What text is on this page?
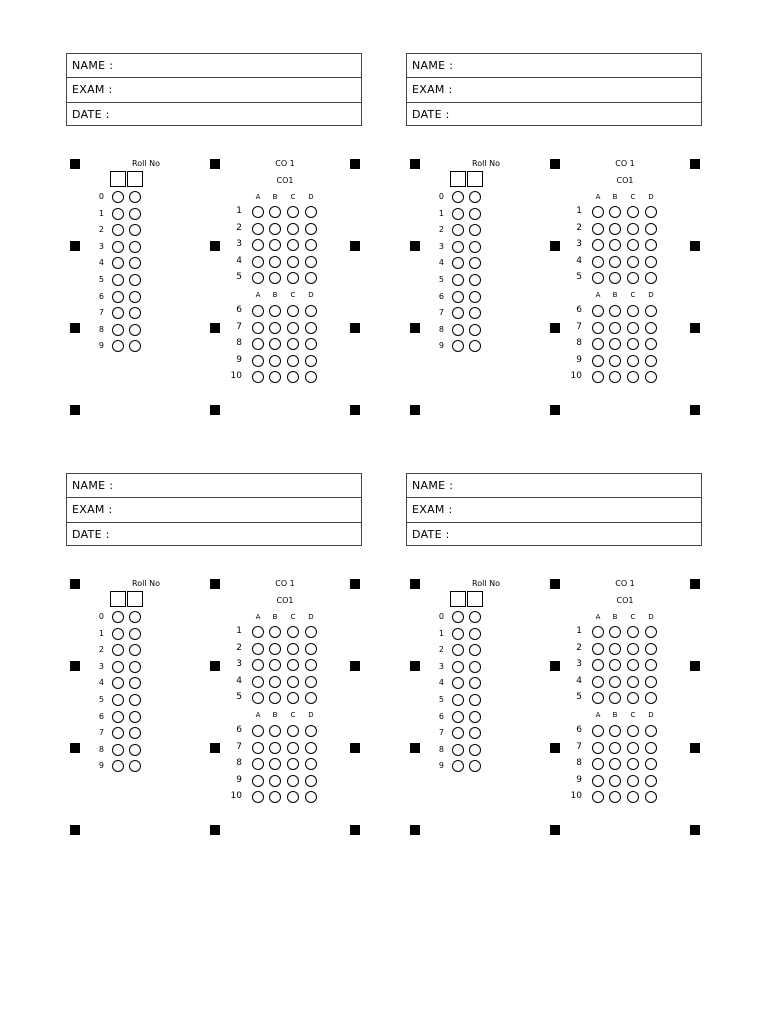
NAME :
EXAM :
DATE :
Roll No
0
1
2
3
4
5
6
7
8
9
CO 1
CO1
A	B	C	D
1
2
3
4
5
A	B	C	D
6
7
8
9
10
NAME :
EXAM :
DATE :
Roll No
0
1
2
3
4
5
6
7
8
9
CO 1
CO1
A	B	C	D
1
2
3
4
5
A	B	C	D
6
7
8
9
10
NAME :
EXAM :
DATE :
Roll No
0
1
2
3
4
5
6
7
8
9
CO 1
CO1
A	B	C	D
1
2
3
4
5
A	B	C	D
6
7
8
9
10
NAME :
EXAM :
DATE :
Roll No
0
1
2
3
4
5
6
7
8
9
CO 1
CO1
A	B	C	D
1
2
3
4
5
A	B	C	D
6
7
8
9
10
